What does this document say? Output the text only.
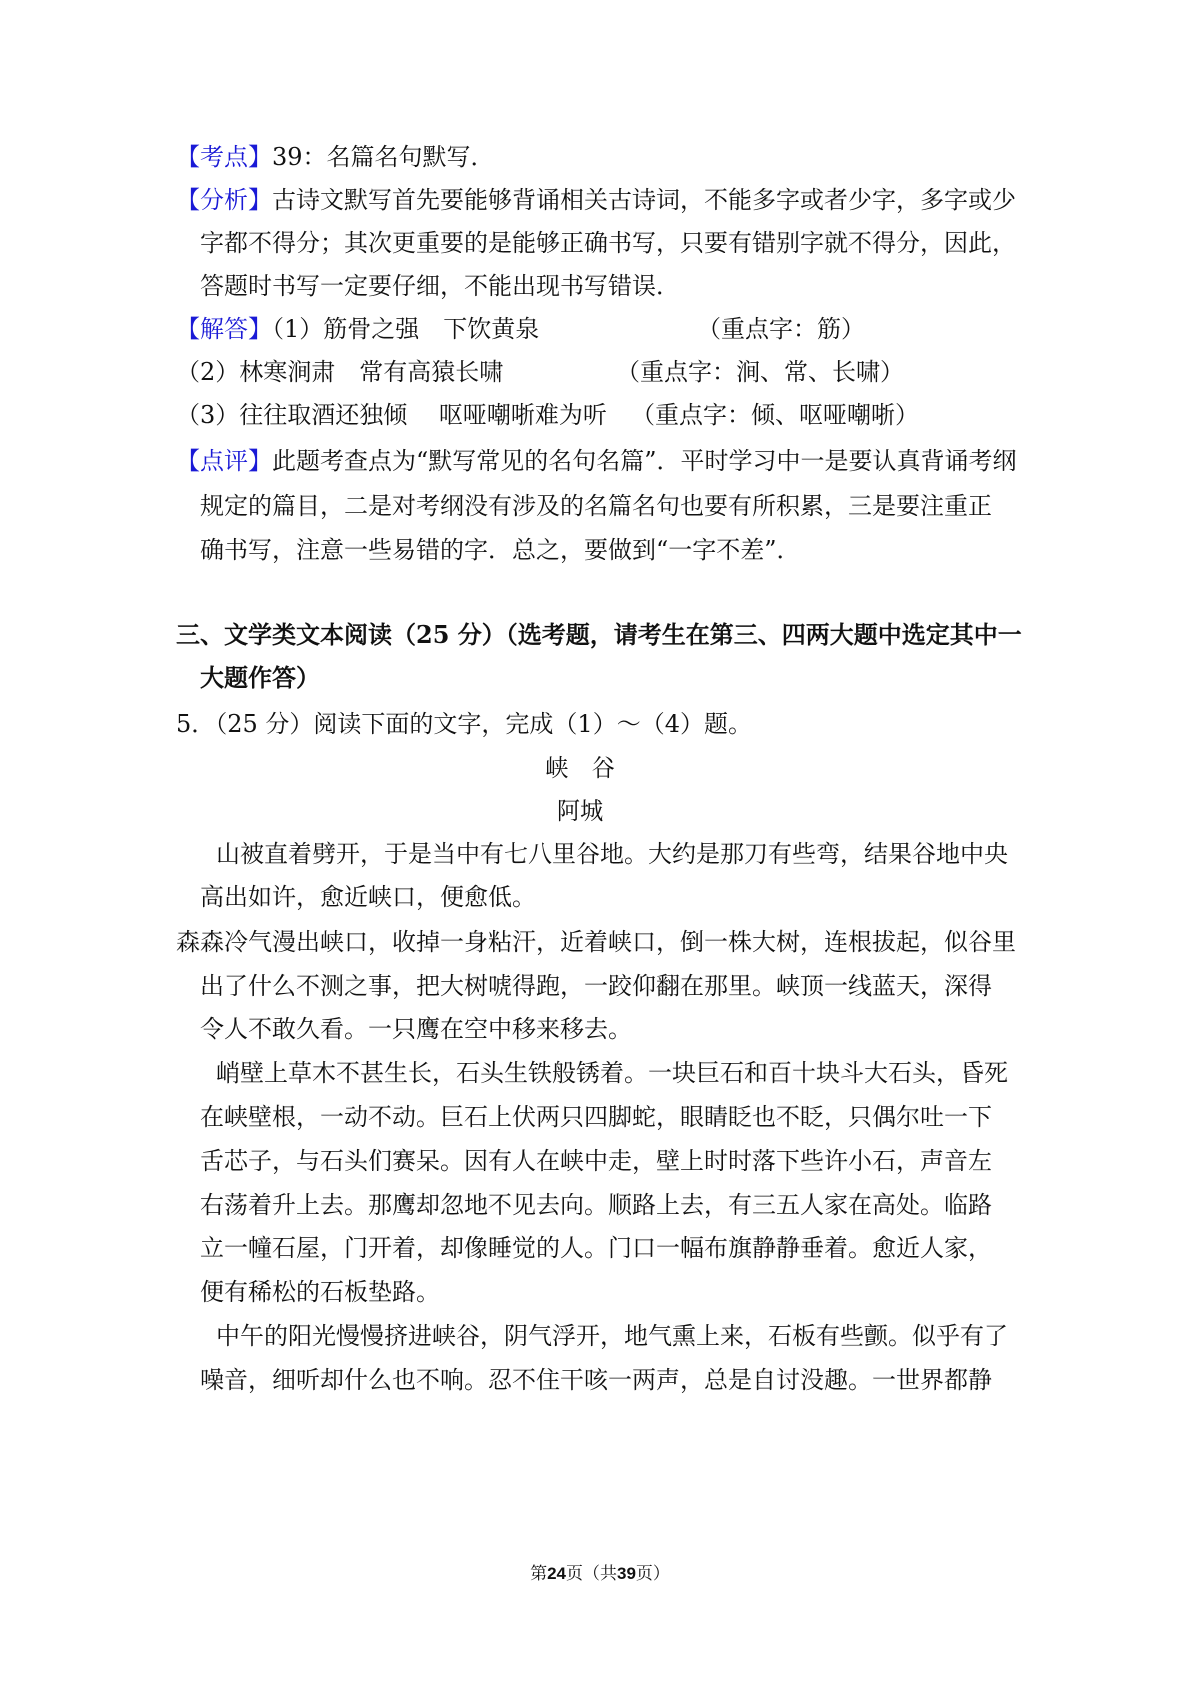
【考点】39：名篇名句默写．
【分析】古诗文默写首先要能够背诵相关古诗词，不能多字或者少字，多字或少
字都不得分；其次更重要的是能够正确书写，只要有错别字就不得分，因此，
答题时书写一定要仔细，不能出现书写错误．
【解答】（1）筋骨之强　下饮黄泉	（重点字：筋）
（2）林寒涧肃　常有高猿长啸	（重点字：涧、常、长啸）
（3）往往取酒还独倾　 呕哑嘲哳难为听 （重点字：倾、呕哑嘲哳）
【点评】此题考查点为“默写常见的名句名篇”．平时学习中一是要认真背诵考纲
规定的篇目，二是对考纲没有涉及的名篇名句也要有所积累，三是要注重正
确书写，注意一些易错的字．总之，要做到“一字不差”．
三、文学类文本阅读（25 分）（选考题，请考生在第三、四两大题中选定其中一
大题作答）
5．（25 分）阅读下面的文字，完成（1）～（4）题。
峡　谷
阿城
山被直着劈开，于是当中有七八里谷地。大约是那刀有些弯，结果谷地中央
高出如许，愈近峡口，便愈低。
森森冷气漫出峡口，收掉一身粘汗，近着峡口，倒一株大树，连根拔起，似谷里
出了什么不测之事，把大树唬得跑，一跤仰翻在那里。峡顶一线蓝天，深得
令人不敢久看。一只鹰在空中移来移去。
峭壁上草木不甚生长，石头生铁般锈着。一块巨石和百十块斗大石头，昏死
在峡壁根，一动不动。巨石上伏两只四脚蛇，眼睛眨也不眨，只偶尔吐一下
舌芯子，与石头们赛呆。因有人在峡中走，壁上时时落下些许小石，声音左
右荡着升上去。那鹰却忽地不见去向。顺路上去，有三五人家在高处。临路
立一幢石屋，门开着，却像睡觉的人。门口一幅布旗静静垂着。愈近人家，
便有稀松的石板垫路。
中午的阳光慢慢挤进峡谷，阴气浮开，地气熏上来，石板有些颤。似乎有了
噪音，细听却什么也不响。忍不住干咳一两声，总是自讨没趣。一世界都静
第24页（共39页）
